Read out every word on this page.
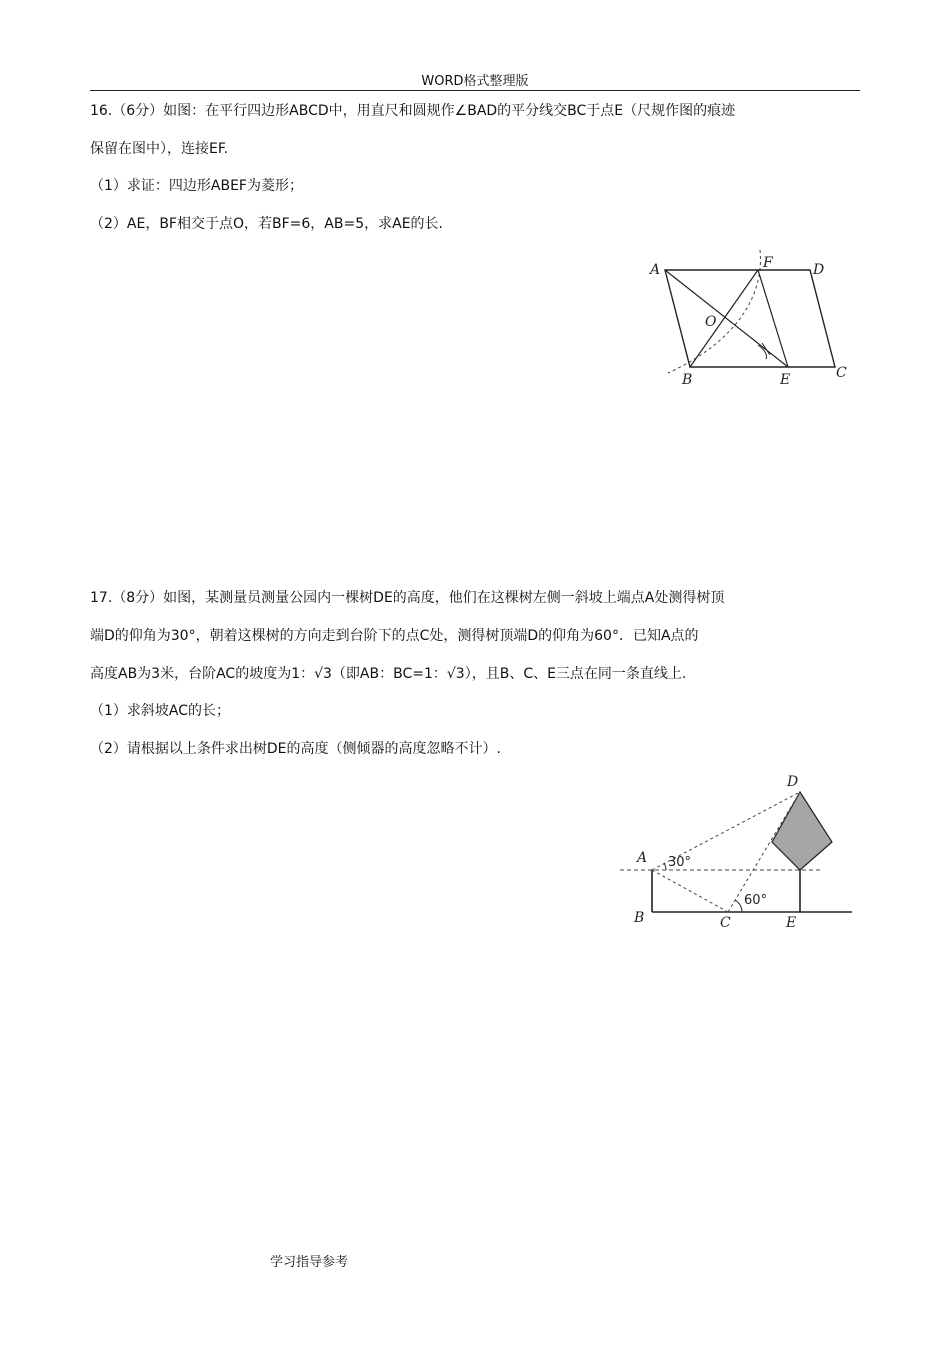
WORD格式整理版
16.（6分）如图：在平行四边形ABCD中，用直尺和圆规作∠BAD的平分线交BC于点E（尺规作图的痕迹
保留在图中），连接EF.
（1）求证：四边形ABEF为菱形；
（2）AE，BF相交于点O，若BF=6，AB=5，求AE的长.
A	F	D
O
B	E	C
17.（8分）如图，某测量员测量公园内一棵树DE的高度，他们在这棵树左侧一斜坡上端点A处测得树顶
端D的仰角为30°，朝着这棵树的方向走到台阶下的点C处，测得树顶端D的仰角为60°．已知A点的
高度AB为3米，台阶AC的坡度为1：√3（即AB：BC=1：√3），且B、C、E三点在同一条直线上.
（1）求斜坡AC的长；
（2）请根据以上条件求出树DE的高度（侧倾器的高度忽略不计）.
D
A
B	C	E
30°
60°
学习指导参考
